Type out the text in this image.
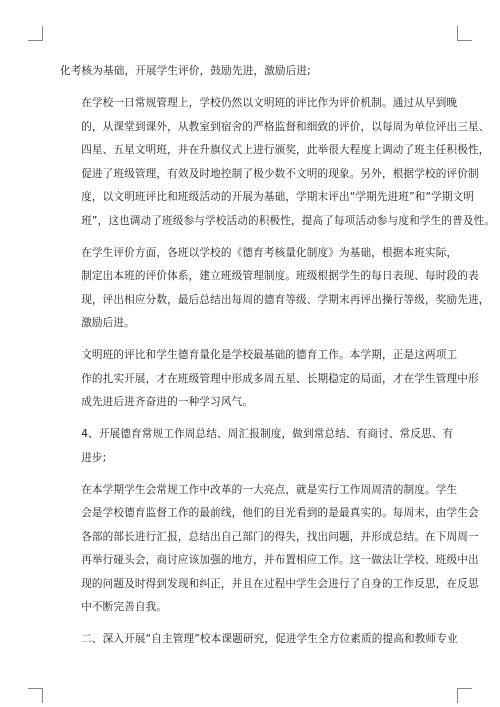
化考核为基础，开展学生评价，鼓励先进，激励后进;

在学校一日常规管理上，学校仍然以文明班的评比作为评价机制。通过从早到晚
的，从课堂到课外，从教室到宿舍的严格监督和细致的评价，以每周为单位评出三星、
四星、五星文明班，并在升旗仪式上进行颁奖，此举很大程度上调动了班主任积极性，
促进了班级管理，有效及时地控制了极少数不文明的现象。另外，根据学校的评价制
度，以文明班评比和班级活动的开展为基础，学期末评出“学期先进班”和“学期文明
班”，这也调动了班级参与学校活动的积极性，提高了每项活动参与度和学生的普及性。

在学生评价方面，各班以学校的《德育考核量化制度》为基础，根据本班实际，
制定出本班的评价体系，建立班级管理制度。班级根据学生的每日表现、每时段的表
现，评出相应分数，最后总结出每周的德育等级、学期末再评出操行等级，奖励先进，
激励后进。

文明班的评比和学生德育量化是学校最基础的德育工作。本学期，正是这两项工
作的扎实开展，才在班级管理中形成多周五星、长期稳定的局面，才在学生管理中形
成先进后进齐奋进的一种学习风气。

4、开展德育常规工作周总结、周汇报制度，做到常总结、有商讨、常反思、有
进步;

在本学期学生会常规工作中改革的一大亮点，就是实行工作周周清的制度。学生
会是学校德育监督工作的最前线，他们的目光看到的是最真实的。每周末，由学生会
各部的部长进行汇报，总结出自己部门的得失，找出问题，并形成总结。在下周周一
再举行碰头会，商讨应该加强的地方，并布置相应工作。这一做法让学校、班级中出
现的问题及时得到发现和纠正，并且在过程中学生会进行了自身的工作反思，在反思
中不断完善自我。

二、深入开展“自主管理”校本课题研究，促进学生全方位素质的提高和教师专业
